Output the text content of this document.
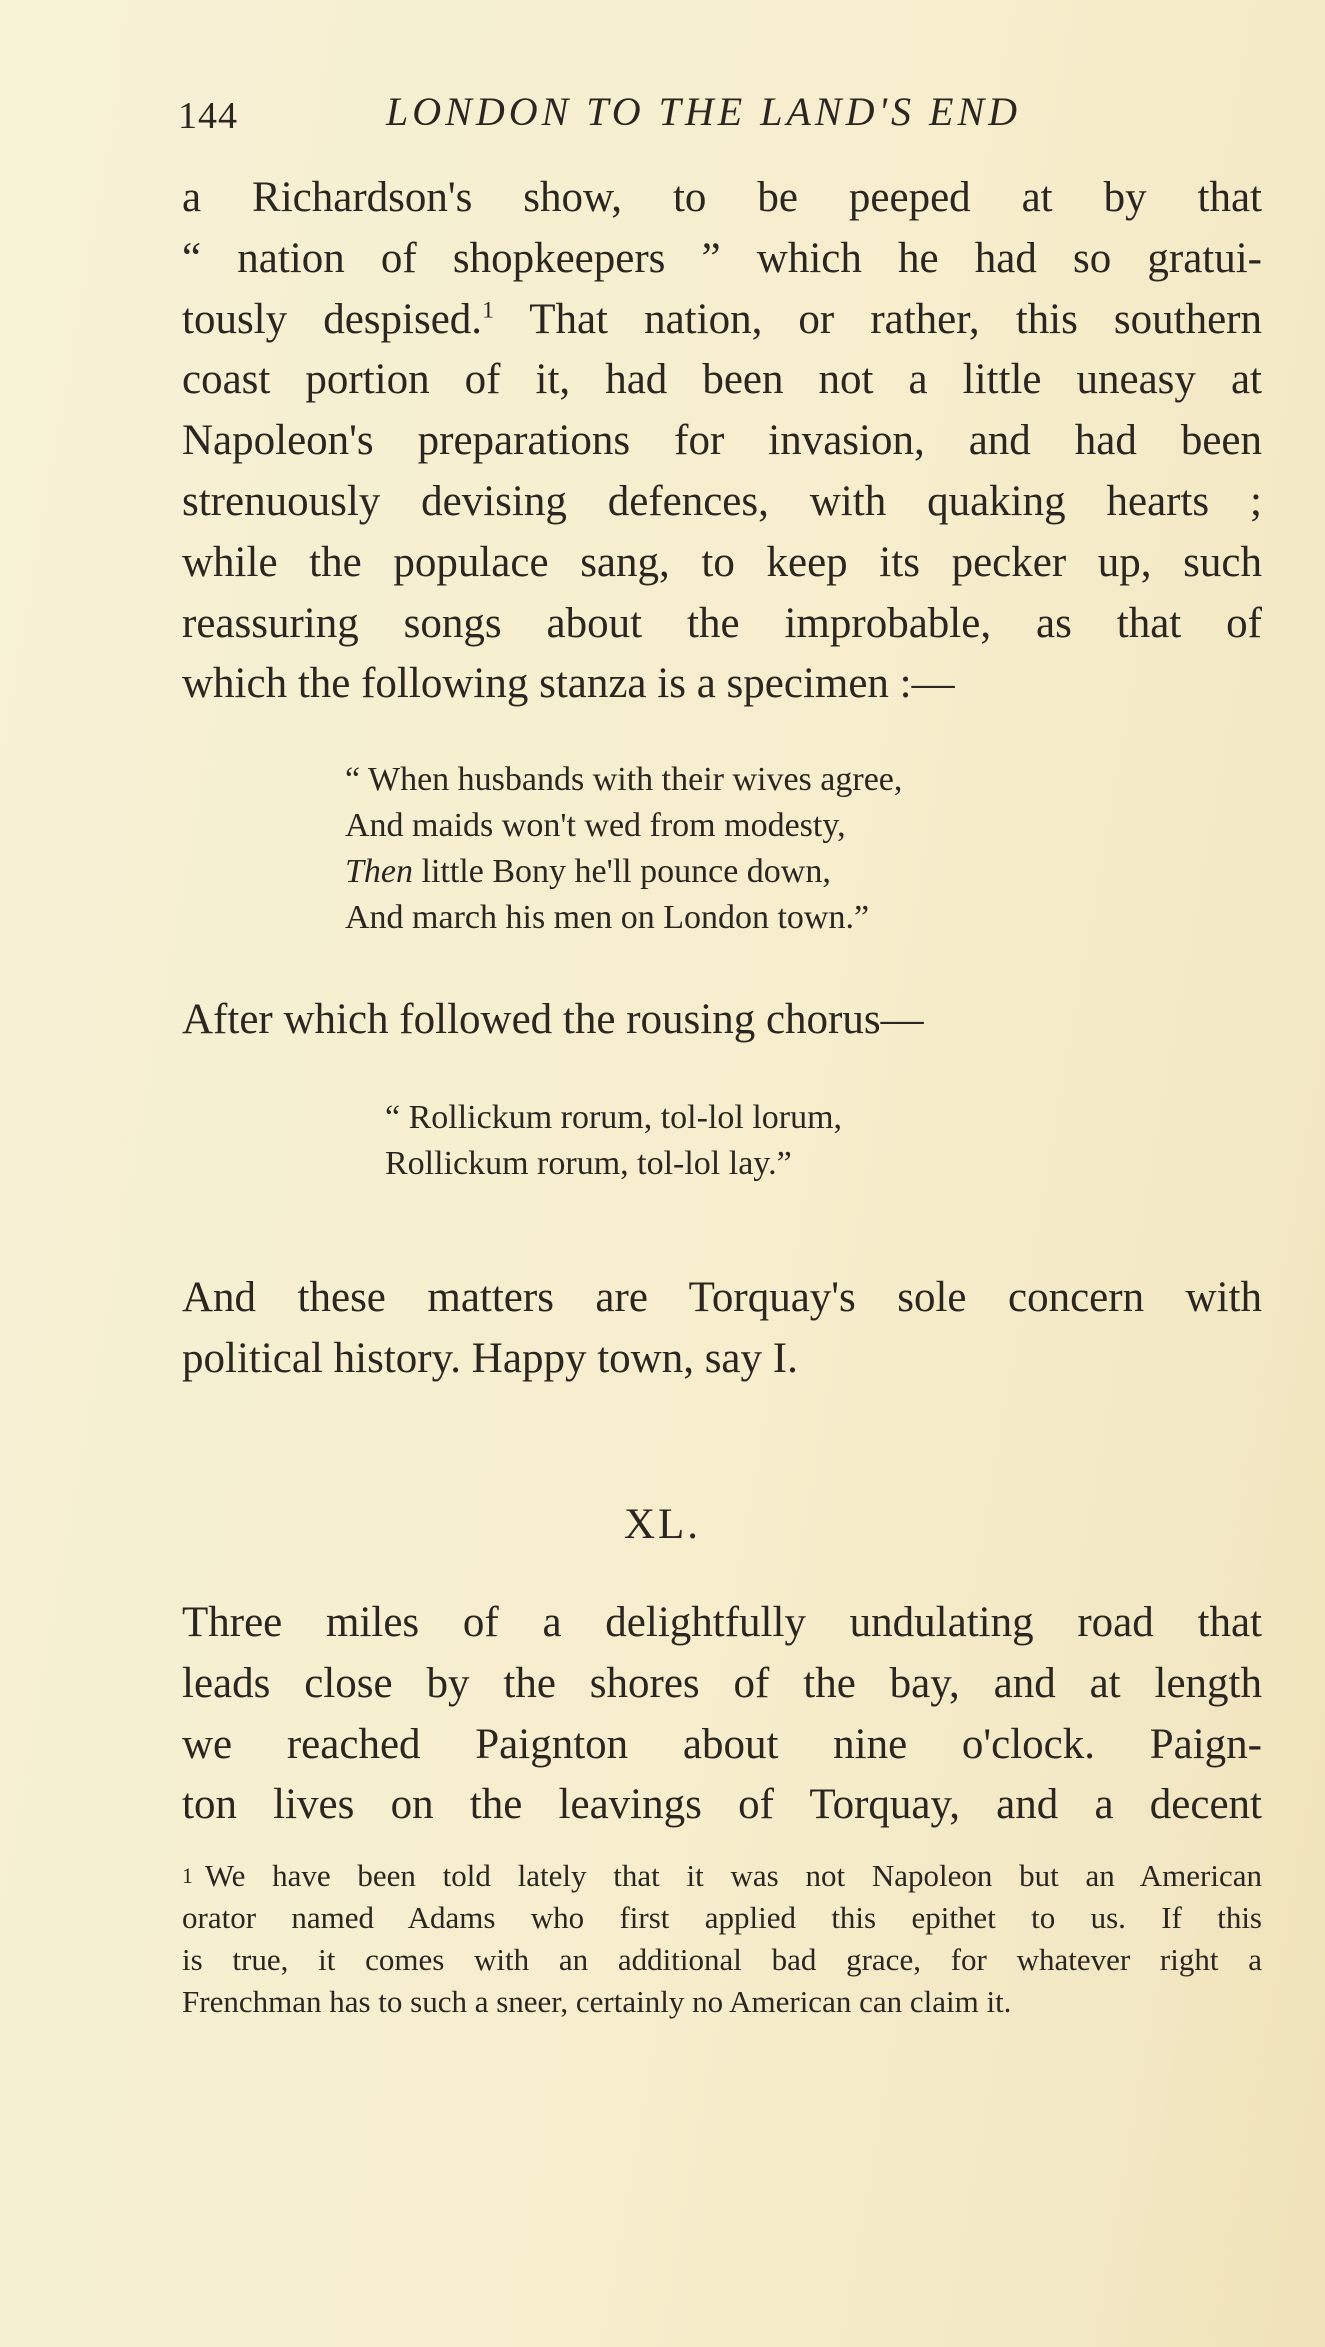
144	LONDON TO THE LAND'S END
a Richardson's show, to be peeped at by that
“ nation of shopkeepers ” which he had so gratui-
tously despised.$^1$ That nation, or rather, this southern
coast portion of it, had been not a little uneasy at
Napoleon's preparations for invasion, and had been
strenuously devising defences, with quaking hearts ;
while the populace sang, to keep its pecker up, such
reassuring songs about the improbable, as that of
which the following stanza is a specimen :—
“ When husbands with their wives agree,
And maids won't wed from modesty,
Then little Bony he'll pounce down,
And march his men on London town.”
After which followed the rousing chorus—
“ Rollickum rorum, tol-lol lorum,
Rollickum rorum, tol-lol lay.”
And these matters are Torquay's sole concern with
political history. Happy town, say I.
XL.
Three miles of a delightfully undulating road that
leads close by the shores of the bay, and at length
we reached Paignton about nine o'clock. Paign-
ton lives on the leavings of Torquay, and a decent
$^1$ We have been told lately that it was not Napoleon but an American
orator named Adams who first applied this epithet to us. If this
is true, it comes with an additional bad grace, for whatever right a
Frenchman has to such a sneer, certainly no American can claim it.
